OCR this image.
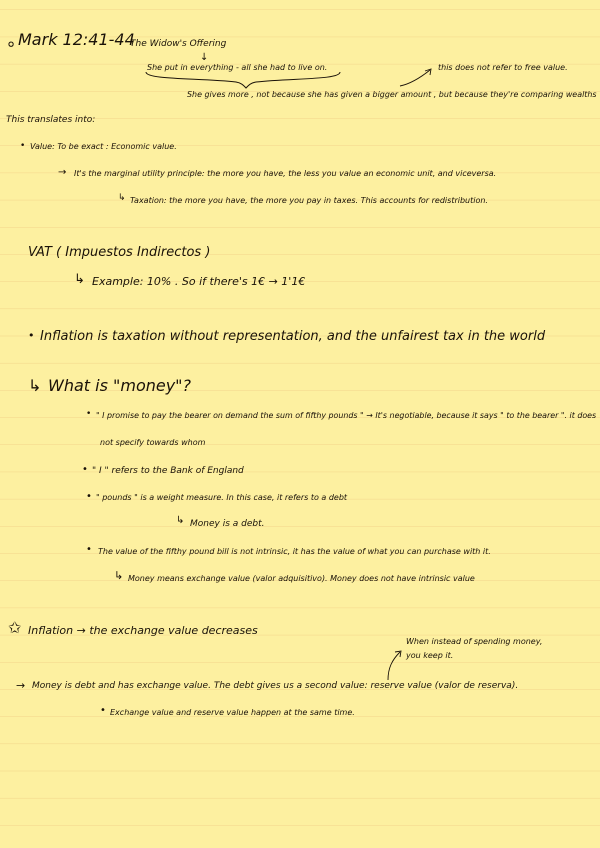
Mark 12:41-44
The Widow's Offering
↓
She put in everything - all she had to live on.	this does not refer to free value.
She gives more , not because she has given a bigger amount , but because they're comparing wealths
This translates into:
• Value: To be exact : Economic value.
→ It's the marginal utility principle: the more you have, the less you value an economic unit, and viceversa.
↳ Taxation: the more you have, the more you pay in taxes. This accounts for redistribution.
VAT ( Impuestos Indirectos )
↳ Example: 10% . So if there's 1€ → 1'1€
• Inflation is taxation without representation, and the unfairest tax in the world
↳ What is "money"?
• " I promise to pay the bearer on demand the sum of fifthy pounds " → It's negotiable, because it says " to the bearer ". it does
not specify towards whom
• " I " refers to the Bank of England
• " pounds " is a weight measure. In this case, it refers to a debt
↳ Money is a debt.
• The value of the fifthy pound bill is not intrinsic, it has the value of what you can purchase with it.
↳ Money means exchange value (valor adquisitivo). Money does not have intrinsic value
✩ Inflation → the exchange value decreases
When instead of spending money,
you keep it.
→ Money is debt and has exchange value. The debt gives us a second value: reserve value (valor de reserva).
• Exchange value and reserve value happen at the same time.
